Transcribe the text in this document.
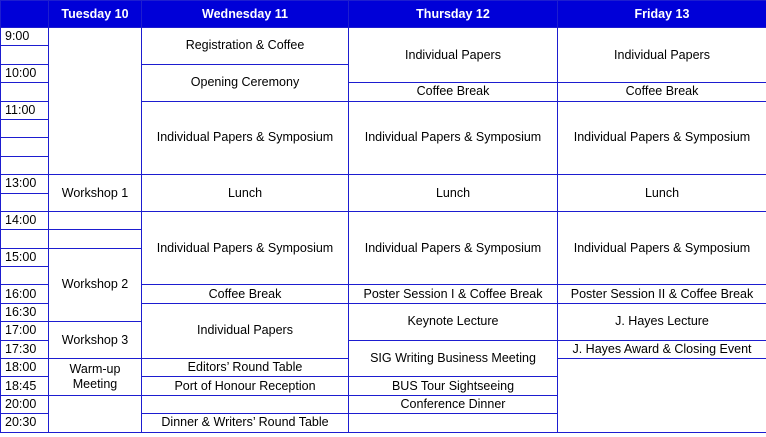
	Tuesday 10	Wednesday 11	Thursday 12	Friday 13
9:00		Registration & Coffee	Individual Papers	Individual Papers

10:00		Opening Ceremony		
			Coffee Break	Coffee Break
11:00		Individual Papers & Symposium	Individual Papers & Symposium	Individual Papers & Symposium

13:00	Workshop 1	Lunch	Lunch	Lunch

14:00		Individual Papers & Symposium	Individual Papers & Symposium	Individual Papers & Symposium

15:00	Workshop 2			

16:00		Coffee Break	Poster Session I & Coffee Break	Poster Session II & Coffee Break
16:30		Individual Papers	Keynote Lecture	J. Hayes Lecture
17:00	Workshop 3			
17:30			SIG Writing Business Meeting	J. Hayes Award & Closing Event
18:00	Warm-up Meeting	Editors’ Round Table		
18:45		Port of Honour Reception	BUS Tour Sightseeing	
20:00			Conference Dinner	
20:30		Dinner & Writers’ Round Table		
